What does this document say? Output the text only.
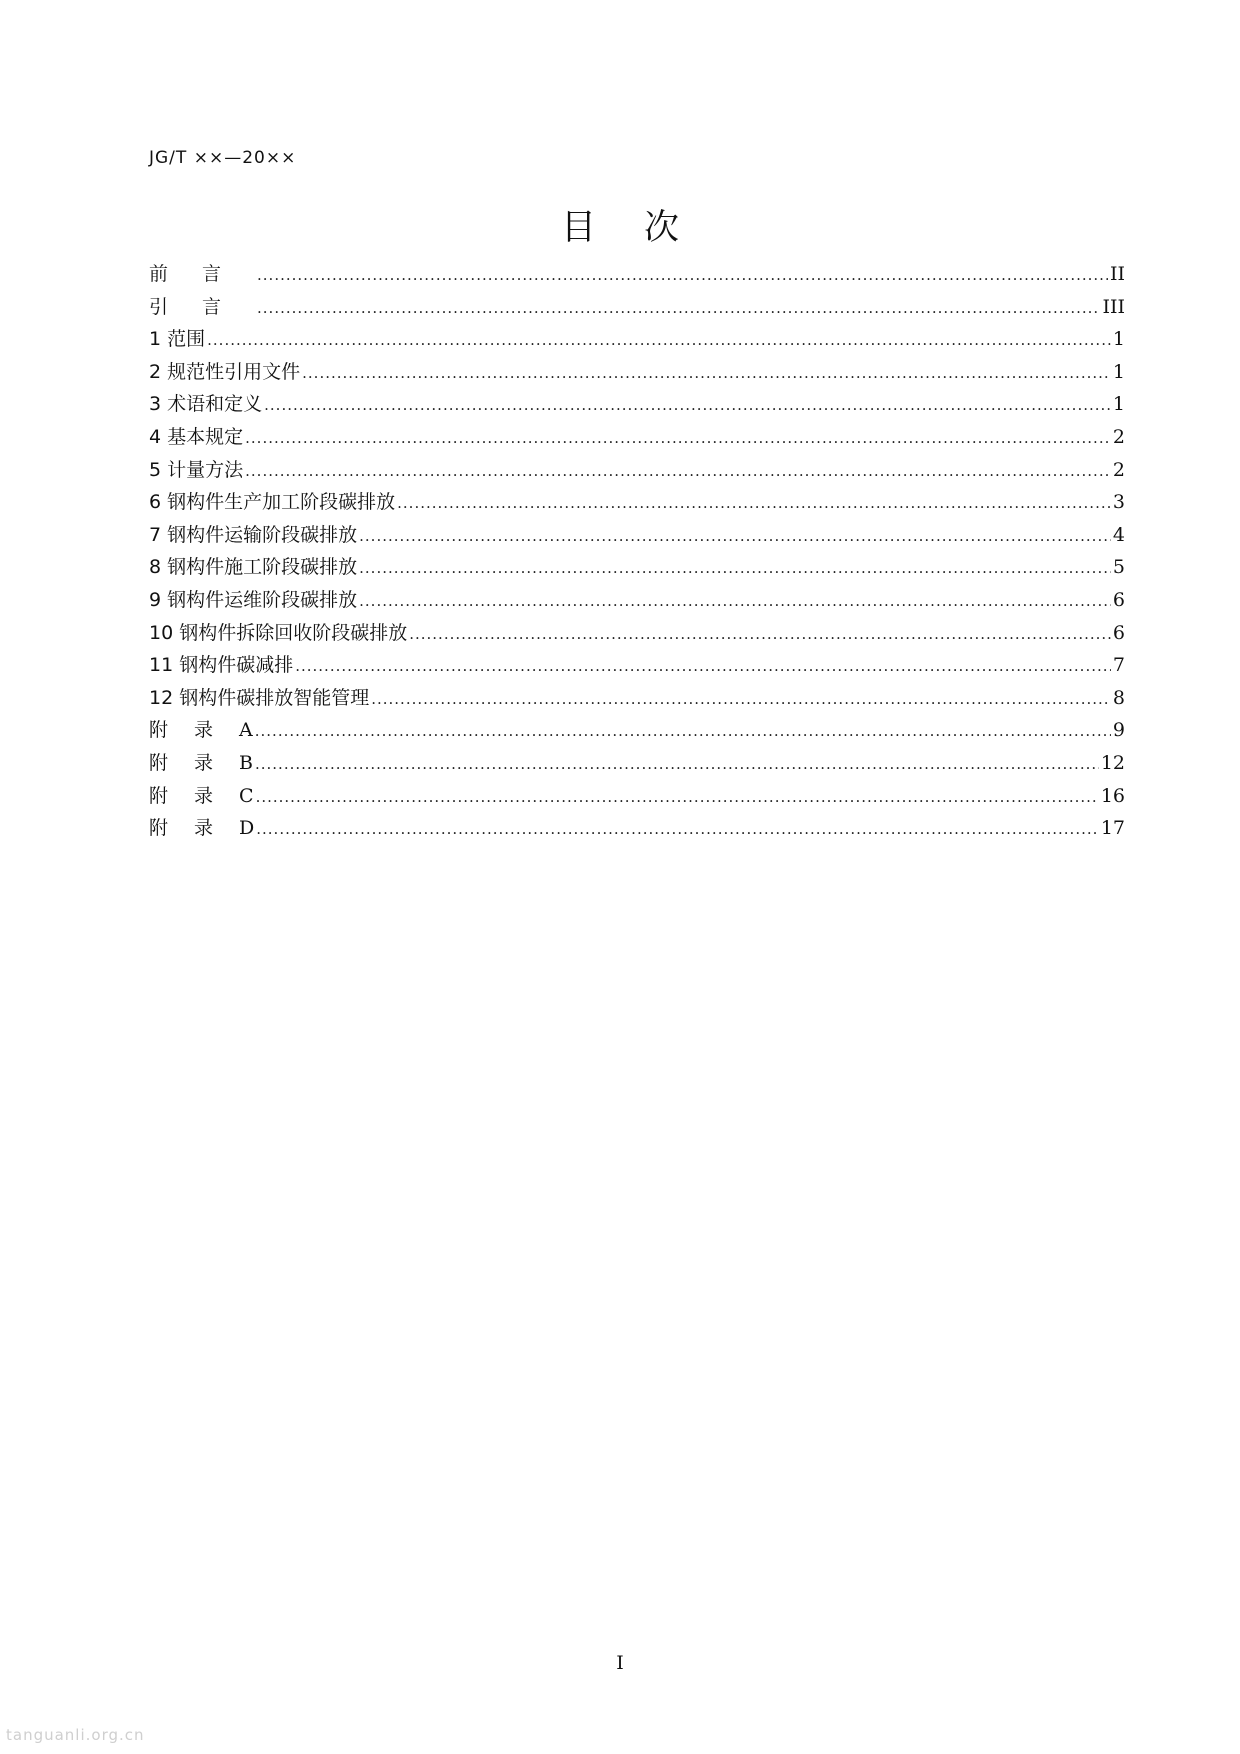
JG/T ××—20××
目 次
前言 .....	II
引言 .....	III
1 范围 .....	1
2 规范性引用文件 .....	1
3 术语和定义 .....	1
4 基本规定 .....	2
5 计量方法 .....	2
6 钢构件生产加工阶段碳排放 .....	3
7 钢构件运输阶段碳排放 .....	4
8 钢构件施工阶段碳排放 .....	5
9 钢构件运维阶段碳排放 .....	6
10 钢构件拆除回收阶段碳排放 .....	6
11 钢构件碳减排 .....	7
12 钢构件碳排放智能管理 .....	8
附录A .....	9
附录B .....	12
附录C .....	16
附录D .....	17
I
tanguanli.org.cn
